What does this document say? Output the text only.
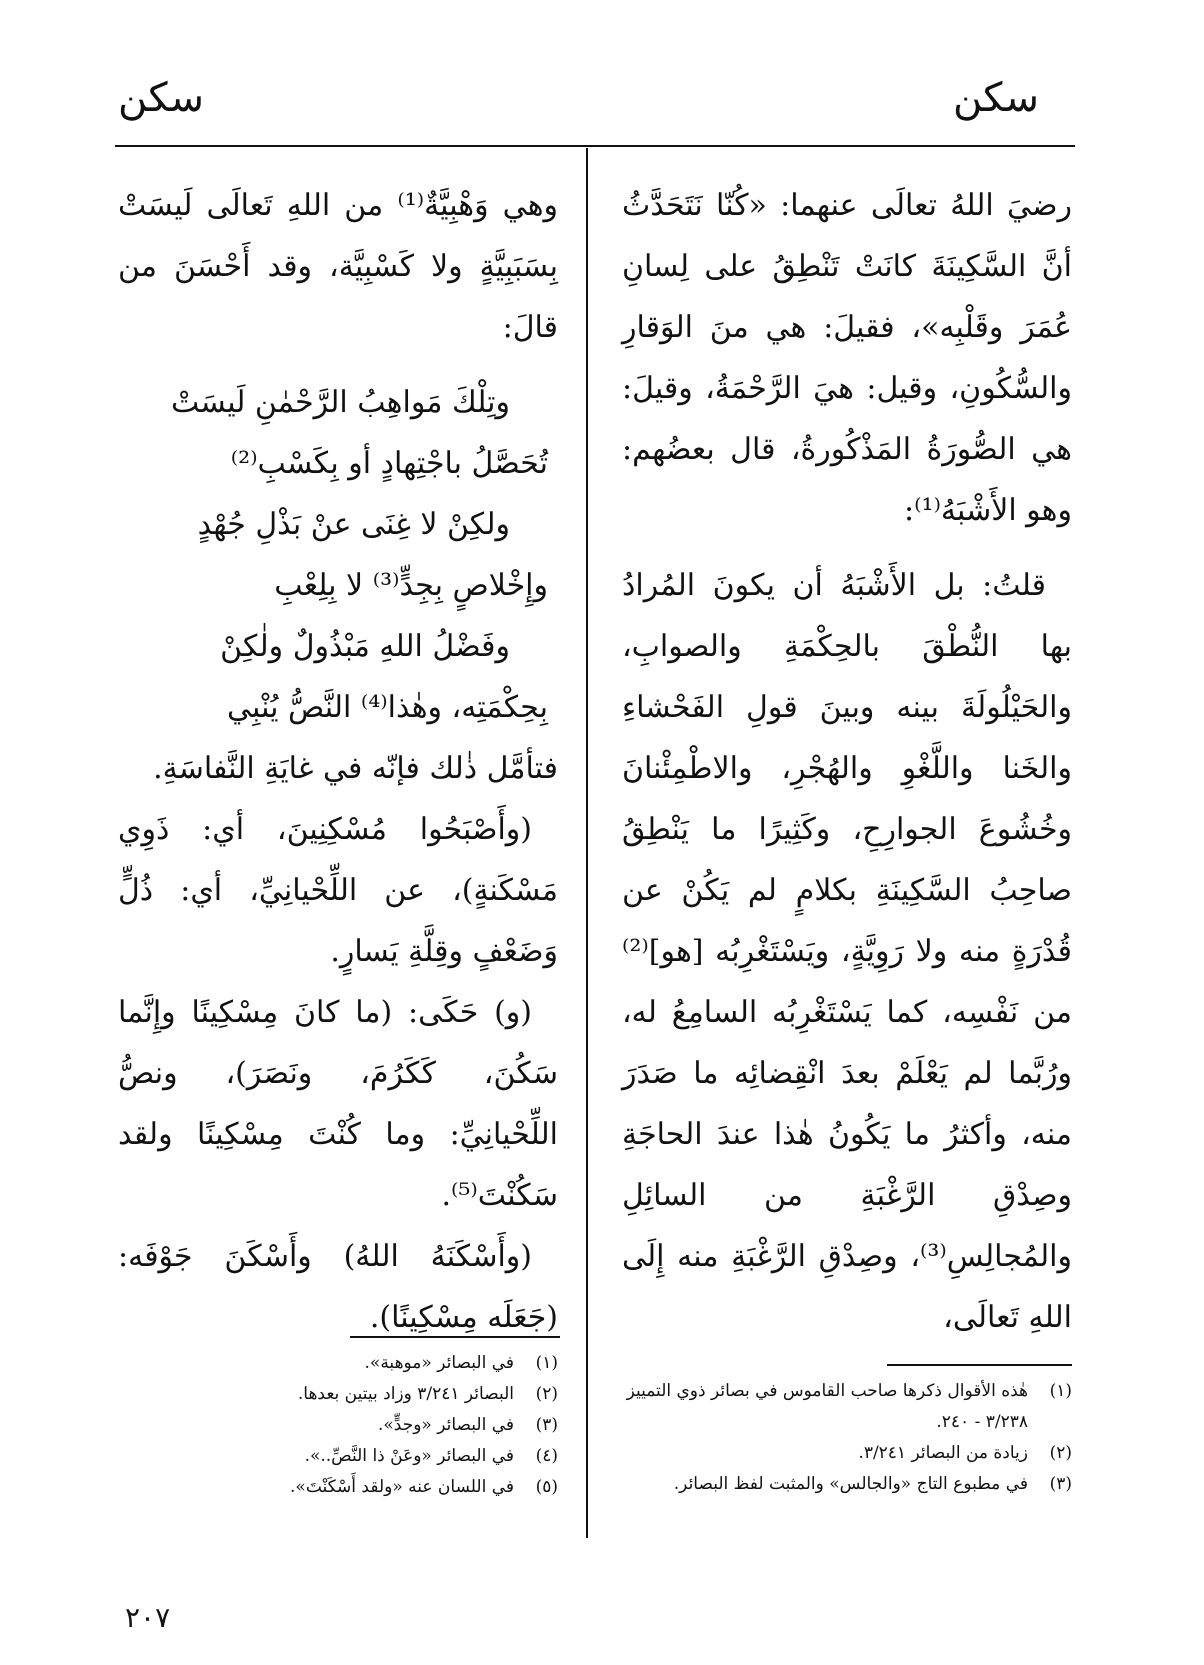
سكن
سكن

رضيَ اللهُ تعالَى عنهما: «كُنّا نَتَحَدَّثُ أنَّ السَّكِينَةَ كانَتْ تَنْطِقُ على لِسانِ عُمَرَ وقَلْبِه»، فقيلَ: هي منَ الوَقارِ والسُّكُونِ، وقيل: هيَ الرَّحْمَةُ، وقيلَ: هي الصُّورَةُ المَذْكُورةُ، قال بعضُهم: وهو الأَشْبَهُ⁽¹⁾:

قلتُ: بل الأَشْبَهُ أن يكونَ المُرادُ بها النُّطْقَ بالحِكْمَةِ والصوابِ، والحَيْلُولَةَ بينه وبينَ قولِ الفَحْشاءِ والخَنا واللَّغْوِ والهُجْرِ، والاطْمِئْنانَ وخُشُوعَ الجوارِحِ، وكَثِيرًا ما يَنْطِقُ صاحِبُ السَّكِينَةِ بكلامٍ لم يَكُنْ عن قُدْرَةٍ منه ولا رَوِيَّةٍ، ويَسْتَغْرِبُه [هو]⁽²⁾ من نَفْسِه، كما يَسْتَغْرِبُه السامِعُ له، ورُبَّما لم يَعْلَمْ بعدَ انْقِضائِه ما صَدَرَ منه، وأكثرُ ما يَكُونُ هٰذا عندَ الحاجَةِ وصِدْقِ الرَّغْبَةِ من السائِلِ والمُجالِسِ⁽³⁾، وصِدْقِ الرَّغْبَةِ منه إِلَى اللهِ تَعالَى،

وهي وَهْبِيَّةٌ⁽¹⁾ من اللهِ تَعالَى لَيسَتْ بِسَبَبِيَّةٍ ولا كَسْبِيَّة، وقد أَحْسَنَ من قالَ:

وتِلْكَ مَواهِبُ الرَّحْمٰنِ لَيسَتْ

تُحَصَّلُ باجْتِهادٍ أو بِكَسْبِ⁽²⁾

ولكِنْ لا غِنَى عنْ بَذْلِ جُهْدٍ

وإِخْلاصٍ بِجِدٍّ⁽³⁾ لا بِلِعْبِ

وفَضْلُ اللهِ مَبْذُولٌ ولٰكِنْ

بِحِكْمَتِه، وهٰذا⁽⁴⁾ النَّصُّ يُنْبِي

فتأمَّل ذٰلك فإنّه في غايَةِ النَّفاسَةِ.

(وأَصْبَحُوا مُسْكِنِينَ، أي: ذَوِي مَسْكَنةٍ)، عن اللِّحْيانِيِّ، أي: ذُلٍّ وَضَعْفٍ وقِلَّةِ يَسارٍ.

(و) حَكَى: (ما كانَ مِسْكِينًا وإِنَّما سَكُنَ، كَكَرُمَ، ونَصَرَ)، ونصُّ اللِّحْيانِيِّ: وما كُنْتَ مِسْكِينًا ولقد سَكُنْتَ⁽⁵⁾.

(وأَسْكَنَهُ اللهُ) وأَسْكَنَ جَوْفَه: (جَعَلَه مِسْكِينًا).

(١)
هٰذه الأقوال ذكرها صاحب القاموس في بصائر ذوي التمييز ٣/٢٣٨ - ٢٤٠.
(٢)
زيادة من البصائر ٣/٢٤١.
(٣)
في مطبوع التاج «والجالس» والمثبت لفظ البصائر.
(١)
في البصائر «موهبة».
(٢)
البصائر ٣/٢٤١ وزاد بيتين بعدها.
(٣)
في البصائر «وجدٍّ».
(٤)
في البصائر «وعَنْ ذا النَّصِّ..».
(٥)
في اللسان عنه «ولقد أَسْكَنْتَ».
٢٠٧
